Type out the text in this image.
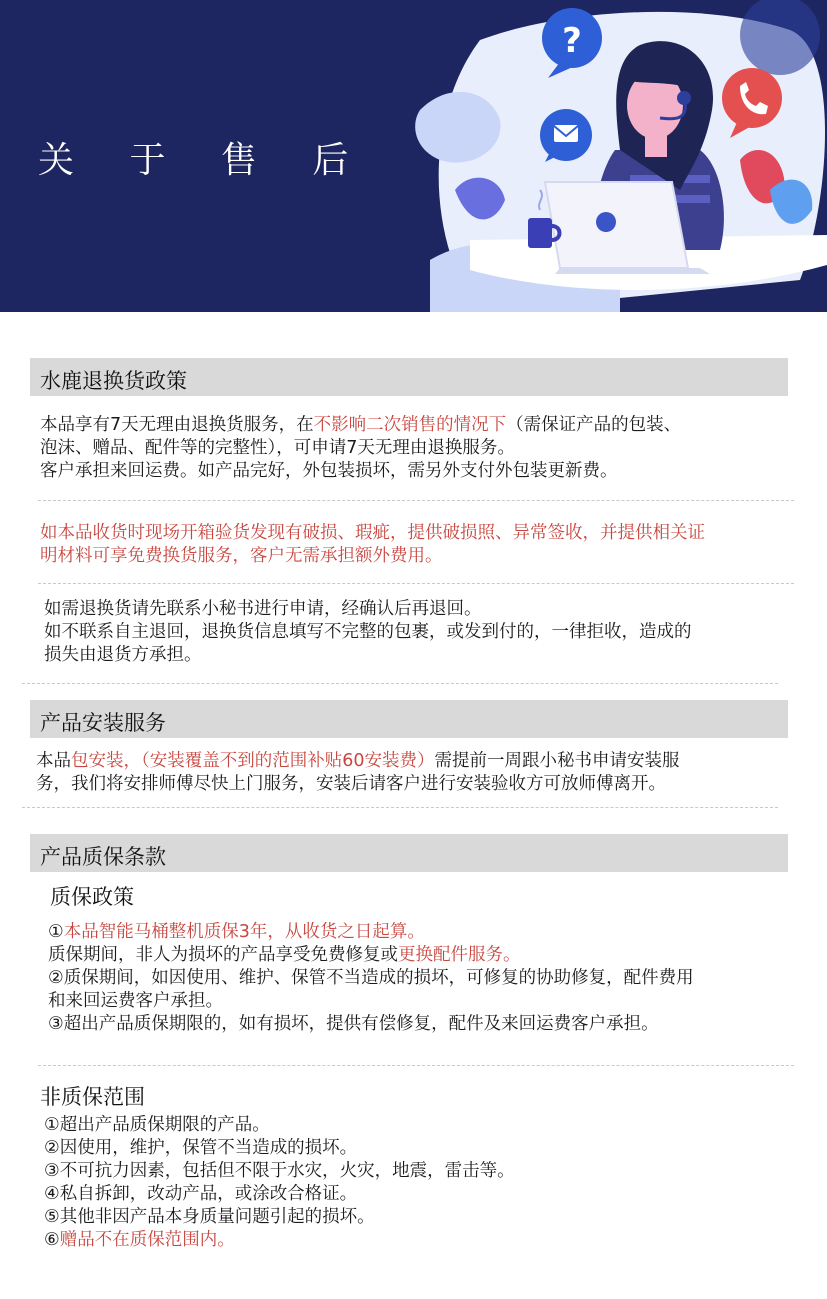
?
关 于 售 后
水鹿退换货政策
本品享有7天无理由退换货服务，在不影响二次销售的情况下（需保证产品的包装、
泡沫、赠品、配件等的完整性），可申请7天无理由退换服务。
客户承担来回运费。如产品完好，外包装损坏，需另外支付外包装更新费。
如本品收货时现场开箱验货发现有破损、瑕疵，提供破损照、异常签收，并提供相关证
明材料可享免费换货服务，客户无需承担额外费用。
如需退换货请先联系小秘书进行申请，经确认后再退回。
如不联系自主退回，退换货信息填写不完整的包裹，或发到付的，一律拒收，造成的
损失由退货方承担。
产品安装服务
本品包安装，（安装覆盖不到的范围补贴60安装费）需提前一周跟小秘书申请安装服
务，我们将安排师傅尽快上门服务，安装后请客户进行安装验收方可放师傅离开。
产品质保条款
质保政策
①本品智能马桶整机质保3年，从收货之日起算。
质保期间，非人为损坏的产品享受免费修复或更换配件服务。
②质保期间，如因使用、维护、保管不当造成的损坏，可修复的协助修复，配件费用
和来回运费客户承担。
③超出产品质保期限的，如有损坏，提供有偿修复，配件及来回运费客户承担。
非质保范围
①超出产品质保期限的产品。
②因使用，维护，保管不当造成的损坏。
③不可抗力因素，包括但不限于水灾，火灾，地震，雷击等。
④私自拆卸，改动产品，或涂改合格证。
⑤其他非因产品本身质量问题引起的损坏。
⑥赠品不在质保范围内。
